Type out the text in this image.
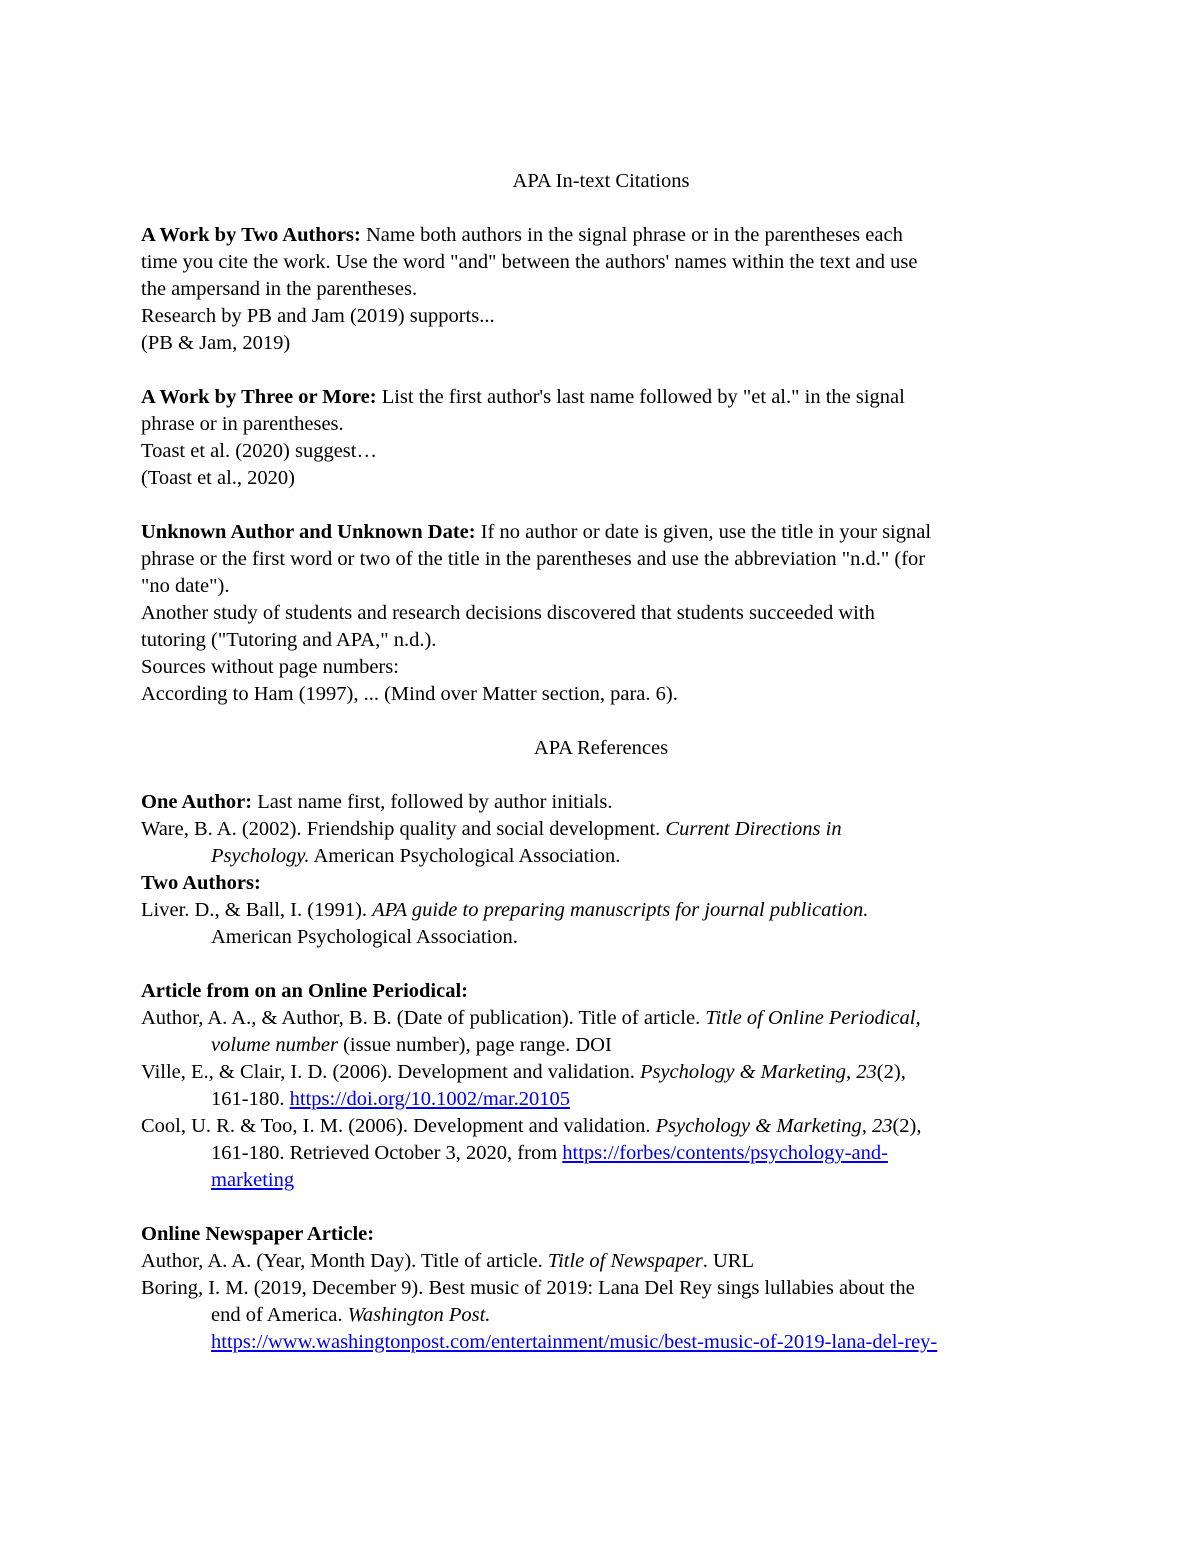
APA In-text Citations
A Work by Two Authors: Name both authors in the signal phrase or in the parentheses each
time you cite the work. Use the word "and" between the authors' names within the text and use
the ampersand in the parentheses.
Research by PB and Jam (2019) supports...
(PB & Jam, 2019)
A Work by Three or More: List the first author's last name followed by "et al." in the signal
phrase or in parentheses.
Toast et al. (2020) suggest…
(Toast et al., 2020)
Unknown Author and Unknown Date: If no author or date is given, use the title in your signal
phrase or the first word or two of the title in the parentheses and use the abbreviation "n.d." (for
"no date").
Another study of students and research decisions discovered that students succeeded with
tutoring ("Tutoring and APA," n.d.).
Sources without page numbers:
According to Ham (1997), ... (Mind over Matter section, para. 6).
APA References
One Author: Last name first, followed by author initials.
Ware, B. A. (2002). Friendship quality and social development. Current Directions in
Psychology. American Psychological Association.
Two Authors:
Liver. D., & Ball, I. (1991). APA guide to preparing manuscripts for journal publication.
American Psychological Association.
Article from on an Online Periodical:
Author, A. A., & Author, B. B. (Date of publication). Title of article. Title of Online Periodical,
volume number (issue number), page range. DOI
Ville, E., & Clair, I. D. (2006). Development and validation. Psychology & Marketing, 23(2),
161-180. https://doi.org/10.1002/mar.20105
Cool, U. R. & Too, I. M. (2006). Development and validation. Psychology & Marketing, 23(2),
161-180. Retrieved October 3, 2020, from https://forbes/contents/psychology-and-
marketing
Online Newspaper Article:
Author, A. A. (Year, Month Day). Title of article. Title of Newspaper. URL
Boring, I. M. (2019, December 9). Best music of 2019: Lana Del Rey sings lullabies about the
end of America. Washington Post.
https://www.washingtonpost.com/entertainment/music/best-music-of-2019-lana-del-rey-
